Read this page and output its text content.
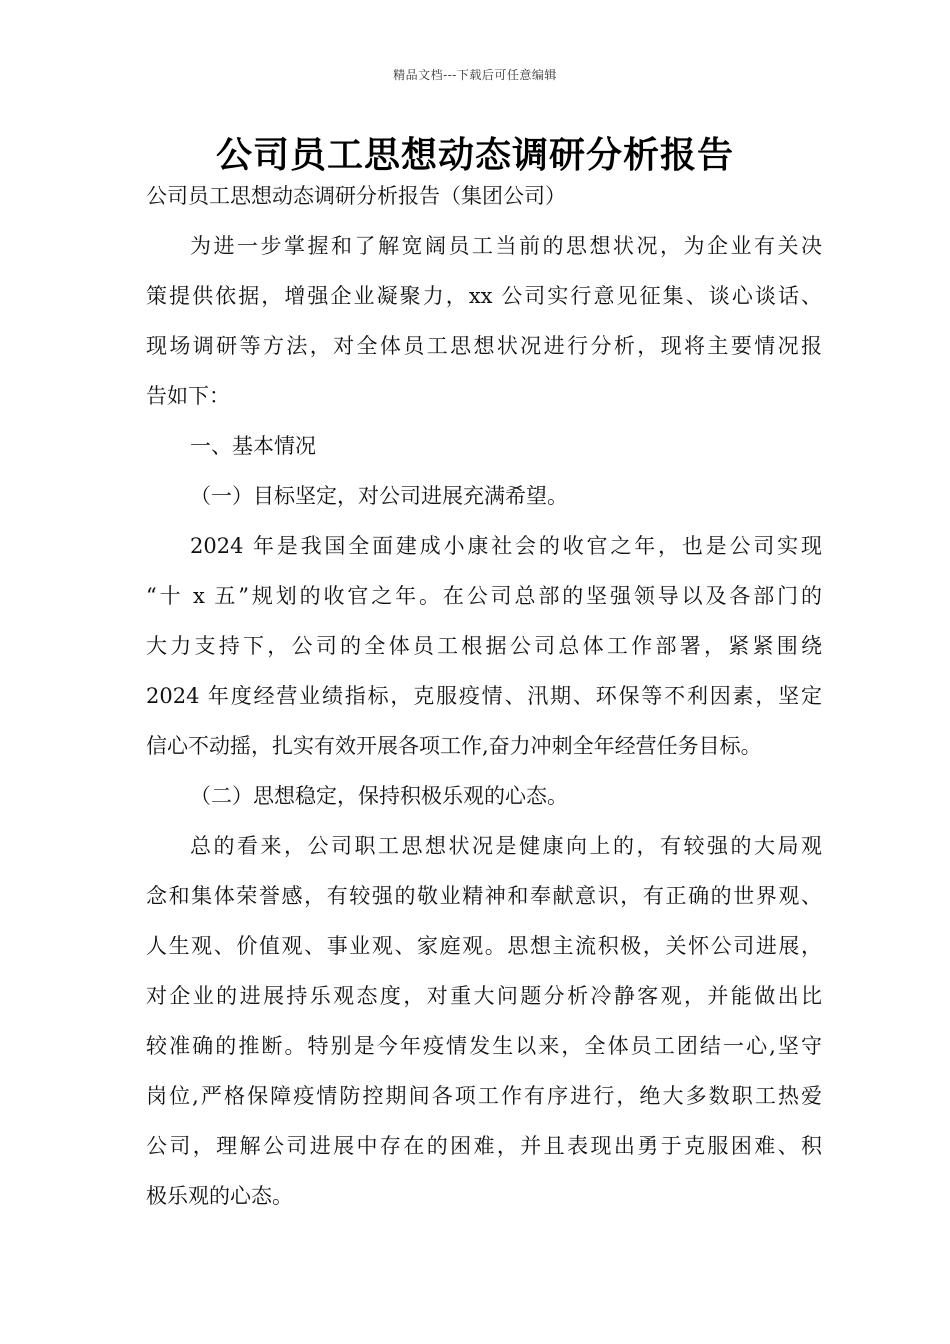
精品文档---下载后可任意编辑
公司员工思想动态调研分析报告

公司员工思想动态调研分析报告（集团公司）

为进一步掌握和了解宽阔员工当前的思想状况，为企业有关决

策提供依据，增强企业凝聚力，xx 公司实行意见征集、谈心谈话、

现场调研等方法，对全体员工思想状况进行分析，现将主要情况报

告如下：

一、基本情况

（一）目标坚定，对公司进展充满希望。

2024 年是我国全面建成小康社会的收官之年，也是公司实现

“十 x 五”规划的收官之年。在公司总部的坚强领导以及各部门的

大力支持下，公司的全体员工根据公司总体工作部署，紧紧围绕

2024 年度经营业绩指标，克服疫情、汛期、环保等不利因素，坚定

信心不动摇，扎实有效开展各项工作,奋力冲刺全年经营任务目标。

（二）思想稳定，保持积极乐观的心态。

总的看来，公司职工思想状况是健康向上的，有较强的大局观

念和集体荣誉感，有较强的敬业精神和奉献意识，有正确的世界观、

人生观、价值观、事业观、家庭观。思想主流积极，关怀公司进展，

对企业的进展持乐观态度，对重大问题分析冷静客观，并能做出比

较准确的推断。特别是今年疫情发生以来，全体员工团结一心,坚守

岗位,严格保障疫情防控期间各项工作有序进行，绝大多数职工热爱

公司，理解公司进展中存在的困难，并且表现出勇于克服困难、积

极乐观的心态。
